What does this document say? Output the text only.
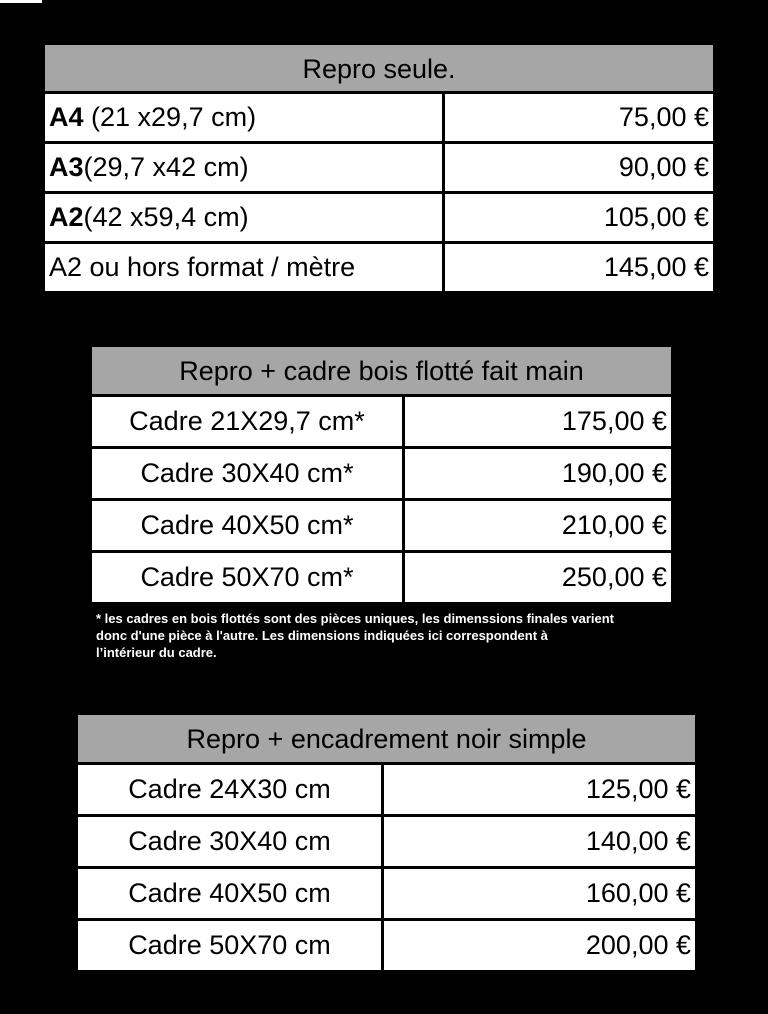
Repro seule.
A4 (21 x29,7 cm)	75,00 €
A3 (29,7 x42 cm)	90,00 €
A2 (42 x59,4 cm)	105,00 €
A2 ou hors format / mètre	145,00 €
Repro + cadre bois flotté fait main
Cadre 21X29,7 cm*	175,00 €
Cadre 30X40 cm*	190,00 €
Cadre 40X50 cm*	210,00 €
Cadre 50X70 cm*	250,00 €
* les cadres en bois flottés sont des pièces uniques, les dimenssions finales varient
donc d'une pièce à l'autre. Les dimensions indiquées ici correspondent à
l’intérieur du cadre.
Repro + encadrement noir simple
Cadre 24X30 cm	125,00 €
Cadre 30X40 cm	140,00 €
Cadre 40X50 cm	160,00 €
Cadre 50X70 cm	200,00 €
